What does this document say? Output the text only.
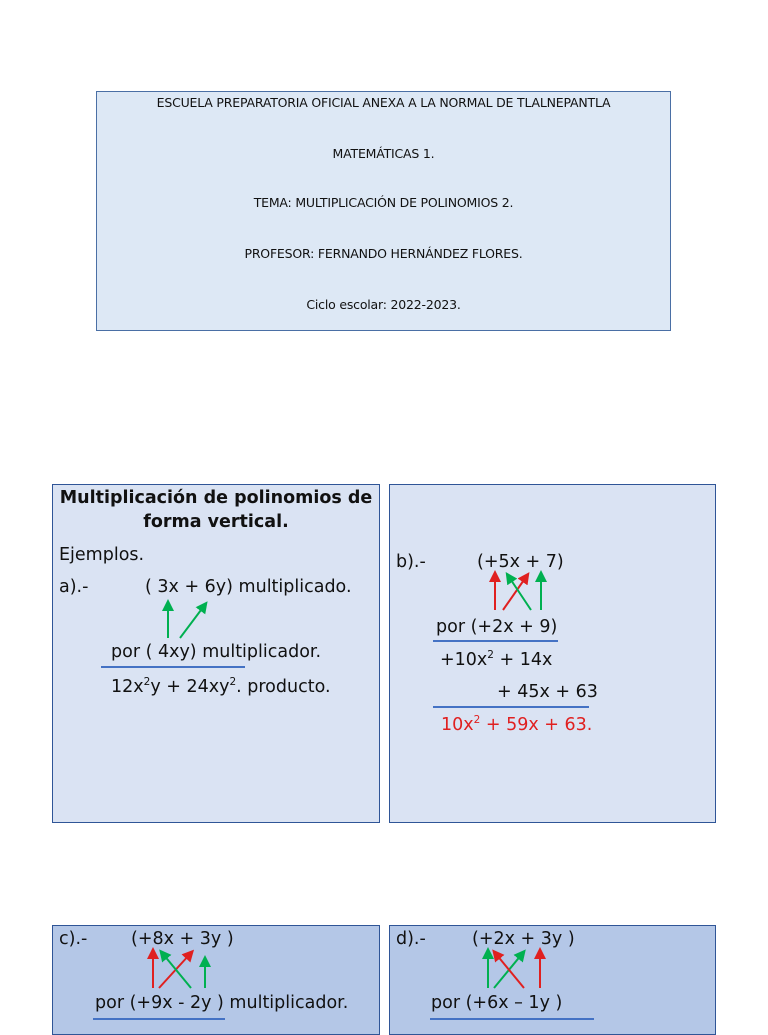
ESCUELA PREPARATORIA OFICIAL ANEXA A LA NORMAL DE TLALNEPANTLA
MATEMÁTICAS 1.
TEMA: MULTIPLICACIÓN DE POLINOMIOS 2.
PROFESOR: FERNANDO HERNÁNDEZ FLORES.
Ciclo escolar: 2022-2023.
Multiplicación de polinomios de
forma vertical.
Ejemplos.
a).-	( 3x + 6y) multiplicado.
por ( 4xy) multiplicador.
$12x^2y + 24xy^2$. producto.
b).-	(+5x + 7)
por (+2x + 9)
$+10x^2 + 14x$
+ 45x + 63
$10x^2 + 59x + 63$.
c).- (+8x + 3y )
por (+9x - 2y ) multiplicador.
d).-	(+2x + 3y )
por (+6x – 1y )
